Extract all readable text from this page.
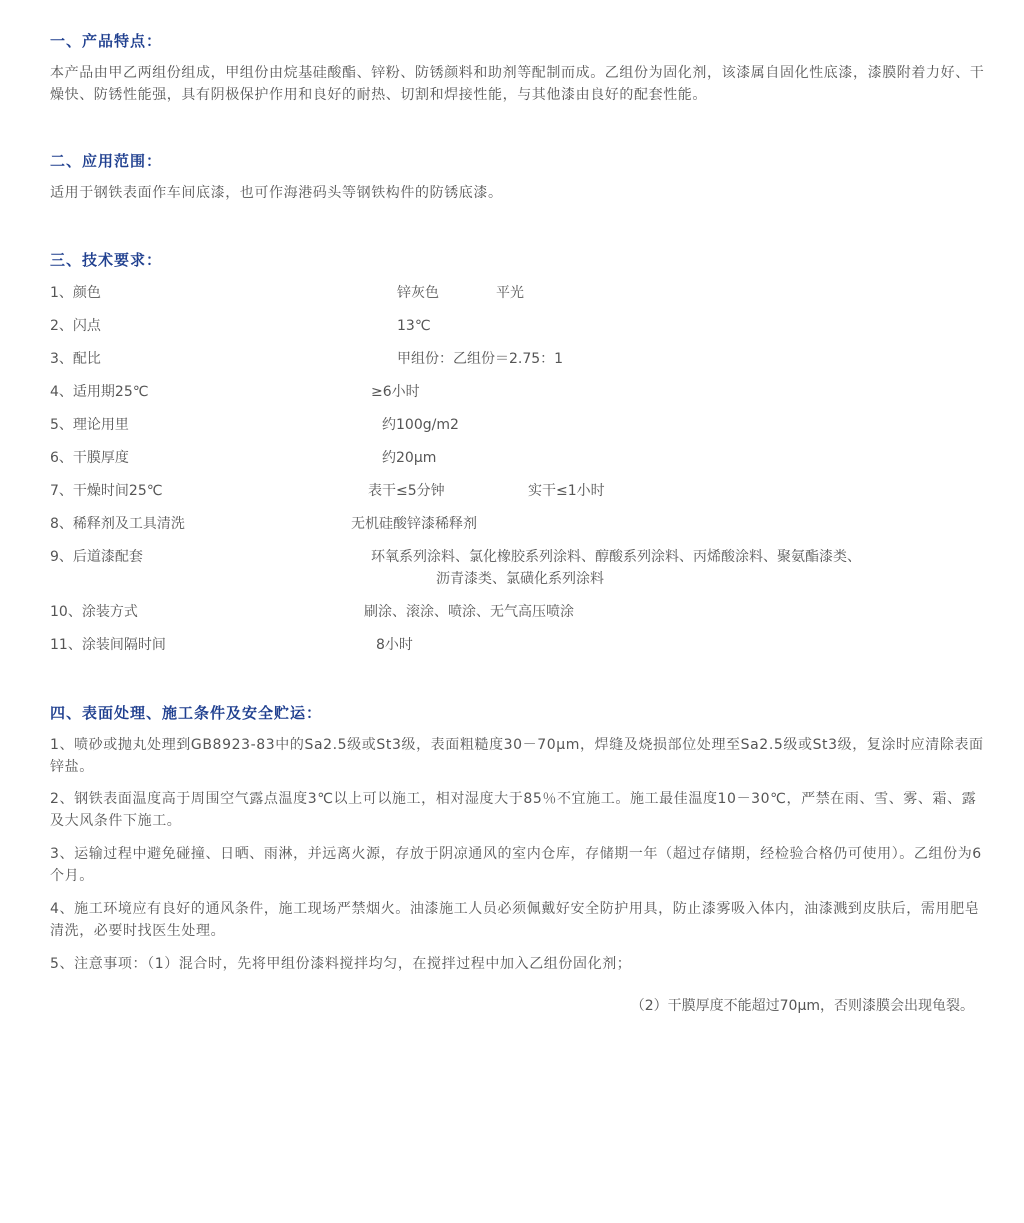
一、产品特点：
本产品由甲乙两组份组成，甲组份由烷基硅酸酯、锌粉、防锈颜料和助剂等配制而成。乙组份为固化剂，该漆属自固化性底漆，漆膜附着力好、干燥快、防锈性能强，具有阴极保护作用和良好的耐热、切割和焊接性能，与其他漆由良好的配套性能。
二、应用范围：
适用于钢铁表面作车间底漆，也可作海港码头等钢铁构件的防锈底漆。
三、技术要求：
1、颜色	锌灰色	平光
2、闪点	13℃
3、配比	甲组份：乙组份＝2.75：1
4、适用期25℃	≥6小时
5、理论用里	约100g/m2
6、干膜厚度	约20μm
7、干燥时间25℃	表干≤5分钟	实干≤1小时
8、稀释剂及工具清洗	无机硅酸锌漆稀释剂
9、后道漆配套	环氧系列涂料、氯化橡胶系列涂料、醇酸系列涂料、丙烯酸涂料、聚氨酯漆类、
沥青漆类、氯磺化系列涂料
10、涂装方式	刷涂、滚涂、喷涂、无气高压喷涂
11、涂装间隔时间	8小时
四、表面处理、施工条件及安全贮运：
1、喷砂或抛丸处理到GB8923-83中的Sa2.5级或St3级，表面粗糙度30－70μm，焊缝及烧损部位处理至Sa2.5级或St3级，复涂时应清除表面锌盐。
2、钢铁表面温度高于周围空气露点温度3℃以上可以施工，相对湿度大于85％不宜施工。施工最佳温度10－30℃，严禁在雨、雪、雾、霜、露及大风条件下施工。
3、运输过程中避免碰撞、日晒、雨淋，并远离火源，存放于阴凉通风的室内仓库，存储期一年（超过存储期，经检验合格仍可使用）。乙组份为6个月。
4、施工环境应有良好的通风条件，施工现场严禁烟火。油漆施工人员必须佩戴好安全防护用具，防止漆雾吸入体内，油漆溅到皮肤后，需用肥皂清洗，必要时找医生处理。
5、注意事项：（1）混合时，先将甲组份漆料搅拌均匀，在搅拌过程中加入乙组份固化剂；
（2）干膜厚度不能超过70μm，否则漆膜会出现龟裂。
